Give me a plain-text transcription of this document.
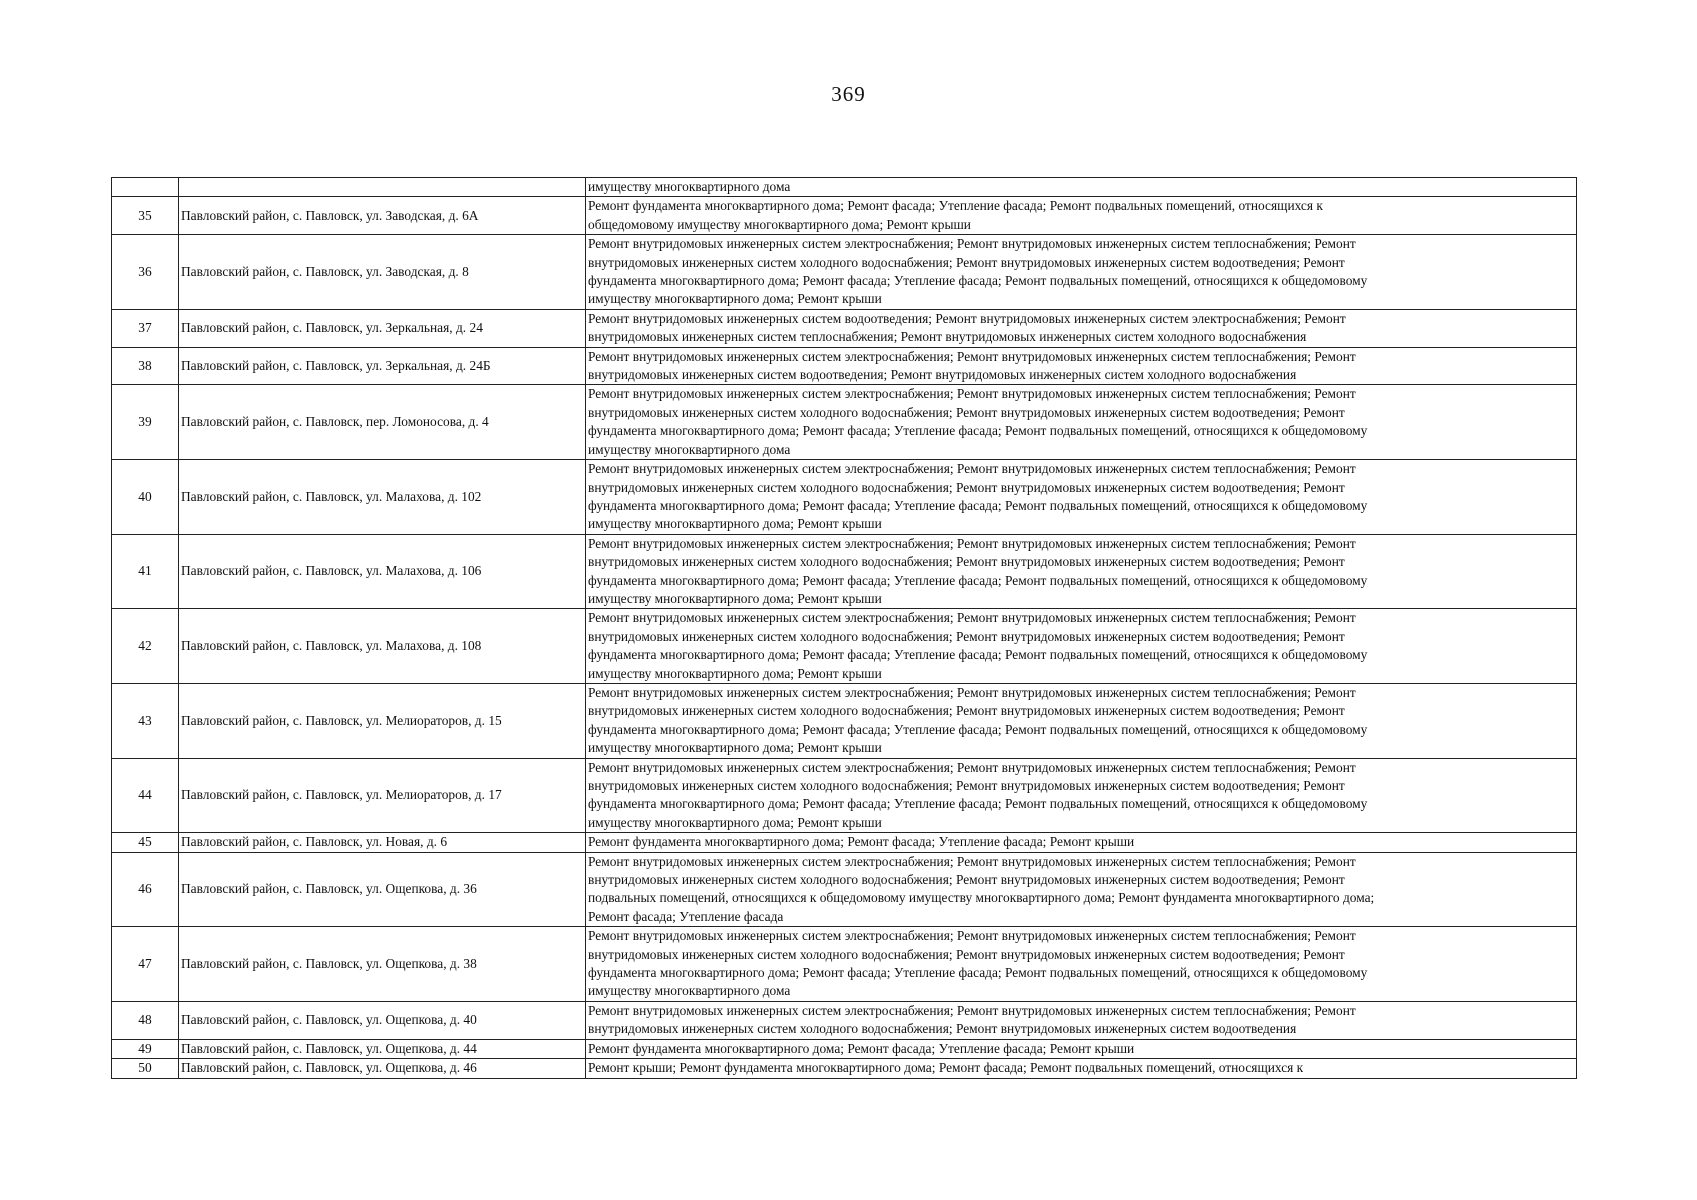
369
		имуществу многоквартирного дома
35	Павловский район, с. Павловск, ул. Заводская, д. 6А	Ремонт фундамента многоквартирного дома; Ремонт фасада; Утепление фасада; Ремонт подвальных помещений, относящихся к
общедомовому имуществу многоквартирного дома; Ремонт крыши

36	Павловский район, с. Павловск, ул. Заводская, д. 8	Ремонт внутридомовых инженерных систем электроснабжения; Ремонт внутридомовых инженерных систем теплоснабжения; Ремонт
внутридомовых инженерных систем холодного водоснабжения; Ремонт внутридомовых инженерных систем водоотведения; Ремонт
фундамента многоквартирного дома; Ремонт фасада; Утепление фасада; Ремонт подвальных помещений, относящихся к общедомовому
имуществу многоквартирного дома; Ремонт крыши

37	Павловский район, с. Павловск, ул. Зеркальная, д. 24	Ремонт внутридомовых инженерных систем водоотведения; Ремонт внутридомовых инженерных систем электроснабжения; Ремонт
внутридомовых инженерных систем теплоснабжения; Ремонт внутридомовых инженерных систем холодного водоснабжения

38	Павловский район, с. Павловск, ул. Зеркальная, д. 24Б	Ремонт внутридомовых инженерных систем электроснабжения; Ремонт внутридомовых инженерных систем теплоснабжения; Ремонт
внутридомовых инженерных систем водоотведения; Ремонт внутридомовых инженерных систем холодного водоснабжения

39	Павловский район, с. Павловск, пер. Ломоносова, д. 4	Ремонт внутридомовых инженерных систем электроснабжения; Ремонт внутридомовых инженерных систем теплоснабжения; Ремонт
внутридомовых инженерных систем холодного водоснабжения; Ремонт внутридомовых инженерных систем водоотведения; Ремонт
фундамента многоквартирного дома; Ремонт фасада; Утепление фасада; Ремонт подвальных помещений, относящихся к общедомовому
имуществу многоквартирного дома

40	Павловский район, с. Павловск, ул. Малахова, д. 102	Ремонт внутридомовых инженерных систем электроснабжения; Ремонт внутридомовых инженерных систем теплоснабжения; Ремонт
внутридомовых инженерных систем холодного водоснабжения; Ремонт внутридомовых инженерных систем водоотведения; Ремонт
фундамента многоквартирного дома; Ремонт фасада; Утепление фасада; Ремонт подвальных помещений, относящихся к общедомовому
имуществу многоквартирного дома; Ремонт крыши

41	Павловский район, с. Павловск, ул. Малахова, д. 106	Ремонт внутридомовых инженерных систем электроснабжения; Ремонт внутридомовых инженерных систем теплоснабжения; Ремонт
внутридомовых инженерных систем холодного водоснабжения; Ремонт внутридомовых инженерных систем водоотведения; Ремонт
фундамента многоквартирного дома; Ремонт фасада; Утепление фасада; Ремонт подвальных помещений, относящихся к общедомовому
имуществу многоквартирного дома; Ремонт крыши

42	Павловский район, с. Павловск, ул. Малахова, д. 108	Ремонт внутридомовых инженерных систем электроснабжения; Ремонт внутридомовых инженерных систем теплоснабжения; Ремонт
внутридомовых инженерных систем холодного водоснабжения; Ремонт внутридомовых инженерных систем водоотведения; Ремонт
фундамента многоквартирного дома; Ремонт фасада; Утепление фасада; Ремонт подвальных помещений, относящихся к общедомовому
имуществу многоквартирного дома; Ремонт крыши

43	Павловский район, с. Павловск, ул. Мелиораторов, д. 15	Ремонт внутридомовых инженерных систем электроснабжения; Ремонт внутридомовых инженерных систем теплоснабжения; Ремонт
внутридомовых инженерных систем холодного водоснабжения; Ремонт внутридомовых инженерных систем водоотведения; Ремонт
фундамента многоквартирного дома; Ремонт фасада; Утепление фасада; Ремонт подвальных помещений, относящихся к общедомовому
имуществу многоквартирного дома; Ремонт крыши

44	Павловский район, с. Павловск, ул. Мелиораторов, д. 17	Ремонт внутридомовых инженерных систем электроснабжения; Ремонт внутридомовых инженерных систем теплоснабжения; Ремонт
внутридомовых инженерных систем холодного водоснабжения; Ремонт внутридомовых инженерных систем водоотведения; Ремонт
фундамента многоквартирного дома; Ремонт фасада; Утепление фасада; Ремонт подвальных помещений, относящихся к общедомовому
имуществу многоквартирного дома; Ремонт крыши

45	Павловский район, с. Павловск, ул. Новая, д. 6	Ремонт фундамента многоквартирного дома; Ремонт фасада; Утепление фасада; Ремонт крыши

46	Павловский район, с. Павловск, ул. Ощепкова, д. 36	Ремонт внутридомовых инженерных систем электроснабжения; Ремонт внутридомовых инженерных систем теплоснабжения; Ремонт
внутридомовых инженерных систем холодного водоснабжения; Ремонт внутридомовых инженерных систем водоотведения; Ремонт
подвальных помещений, относящихся к общедомовому имуществу многоквартирного дома; Ремонт фундамента многоквартирного дома;
Ремонт фасада; Утепление фасада

47	Павловский район, с. Павловск, ул. Ощепкова, д. 38	Ремонт внутридомовых инженерных систем электроснабжения; Ремонт внутридомовых инженерных систем теплоснабжения; Ремонт
внутридомовых инженерных систем холодного водоснабжения; Ремонт внутридомовых инженерных систем водоотведения; Ремонт
фундамента многоквартирного дома; Ремонт фасада; Утепление фасада; Ремонт подвальных помещений, относящихся к общедомовому
имуществу многоквартирного дома

48	Павловский район, с. Павловск, ул. Ощепкова, д. 40	Ремонт внутридомовых инженерных систем электроснабжения; Ремонт внутридомовых инженерных систем теплоснабжения; Ремонт
внутридомовых инженерных систем холодного водоснабжения; Ремонт внутридомовых инженерных систем водоотведения

49	Павловский район, с. Павловск, ул. Ощепкова, д. 44	Ремонт фундамента многоквартирного дома; Ремонт фасада; Утепление фасада; Ремонт крыши

50	Павловский район, с. Павловск, ул. Ощепкова, д. 46	Ремонт крыши; Ремонт фундамента многоквартирного дома; Ремонт фасада; Ремонт подвальных помещений, относящихся к
